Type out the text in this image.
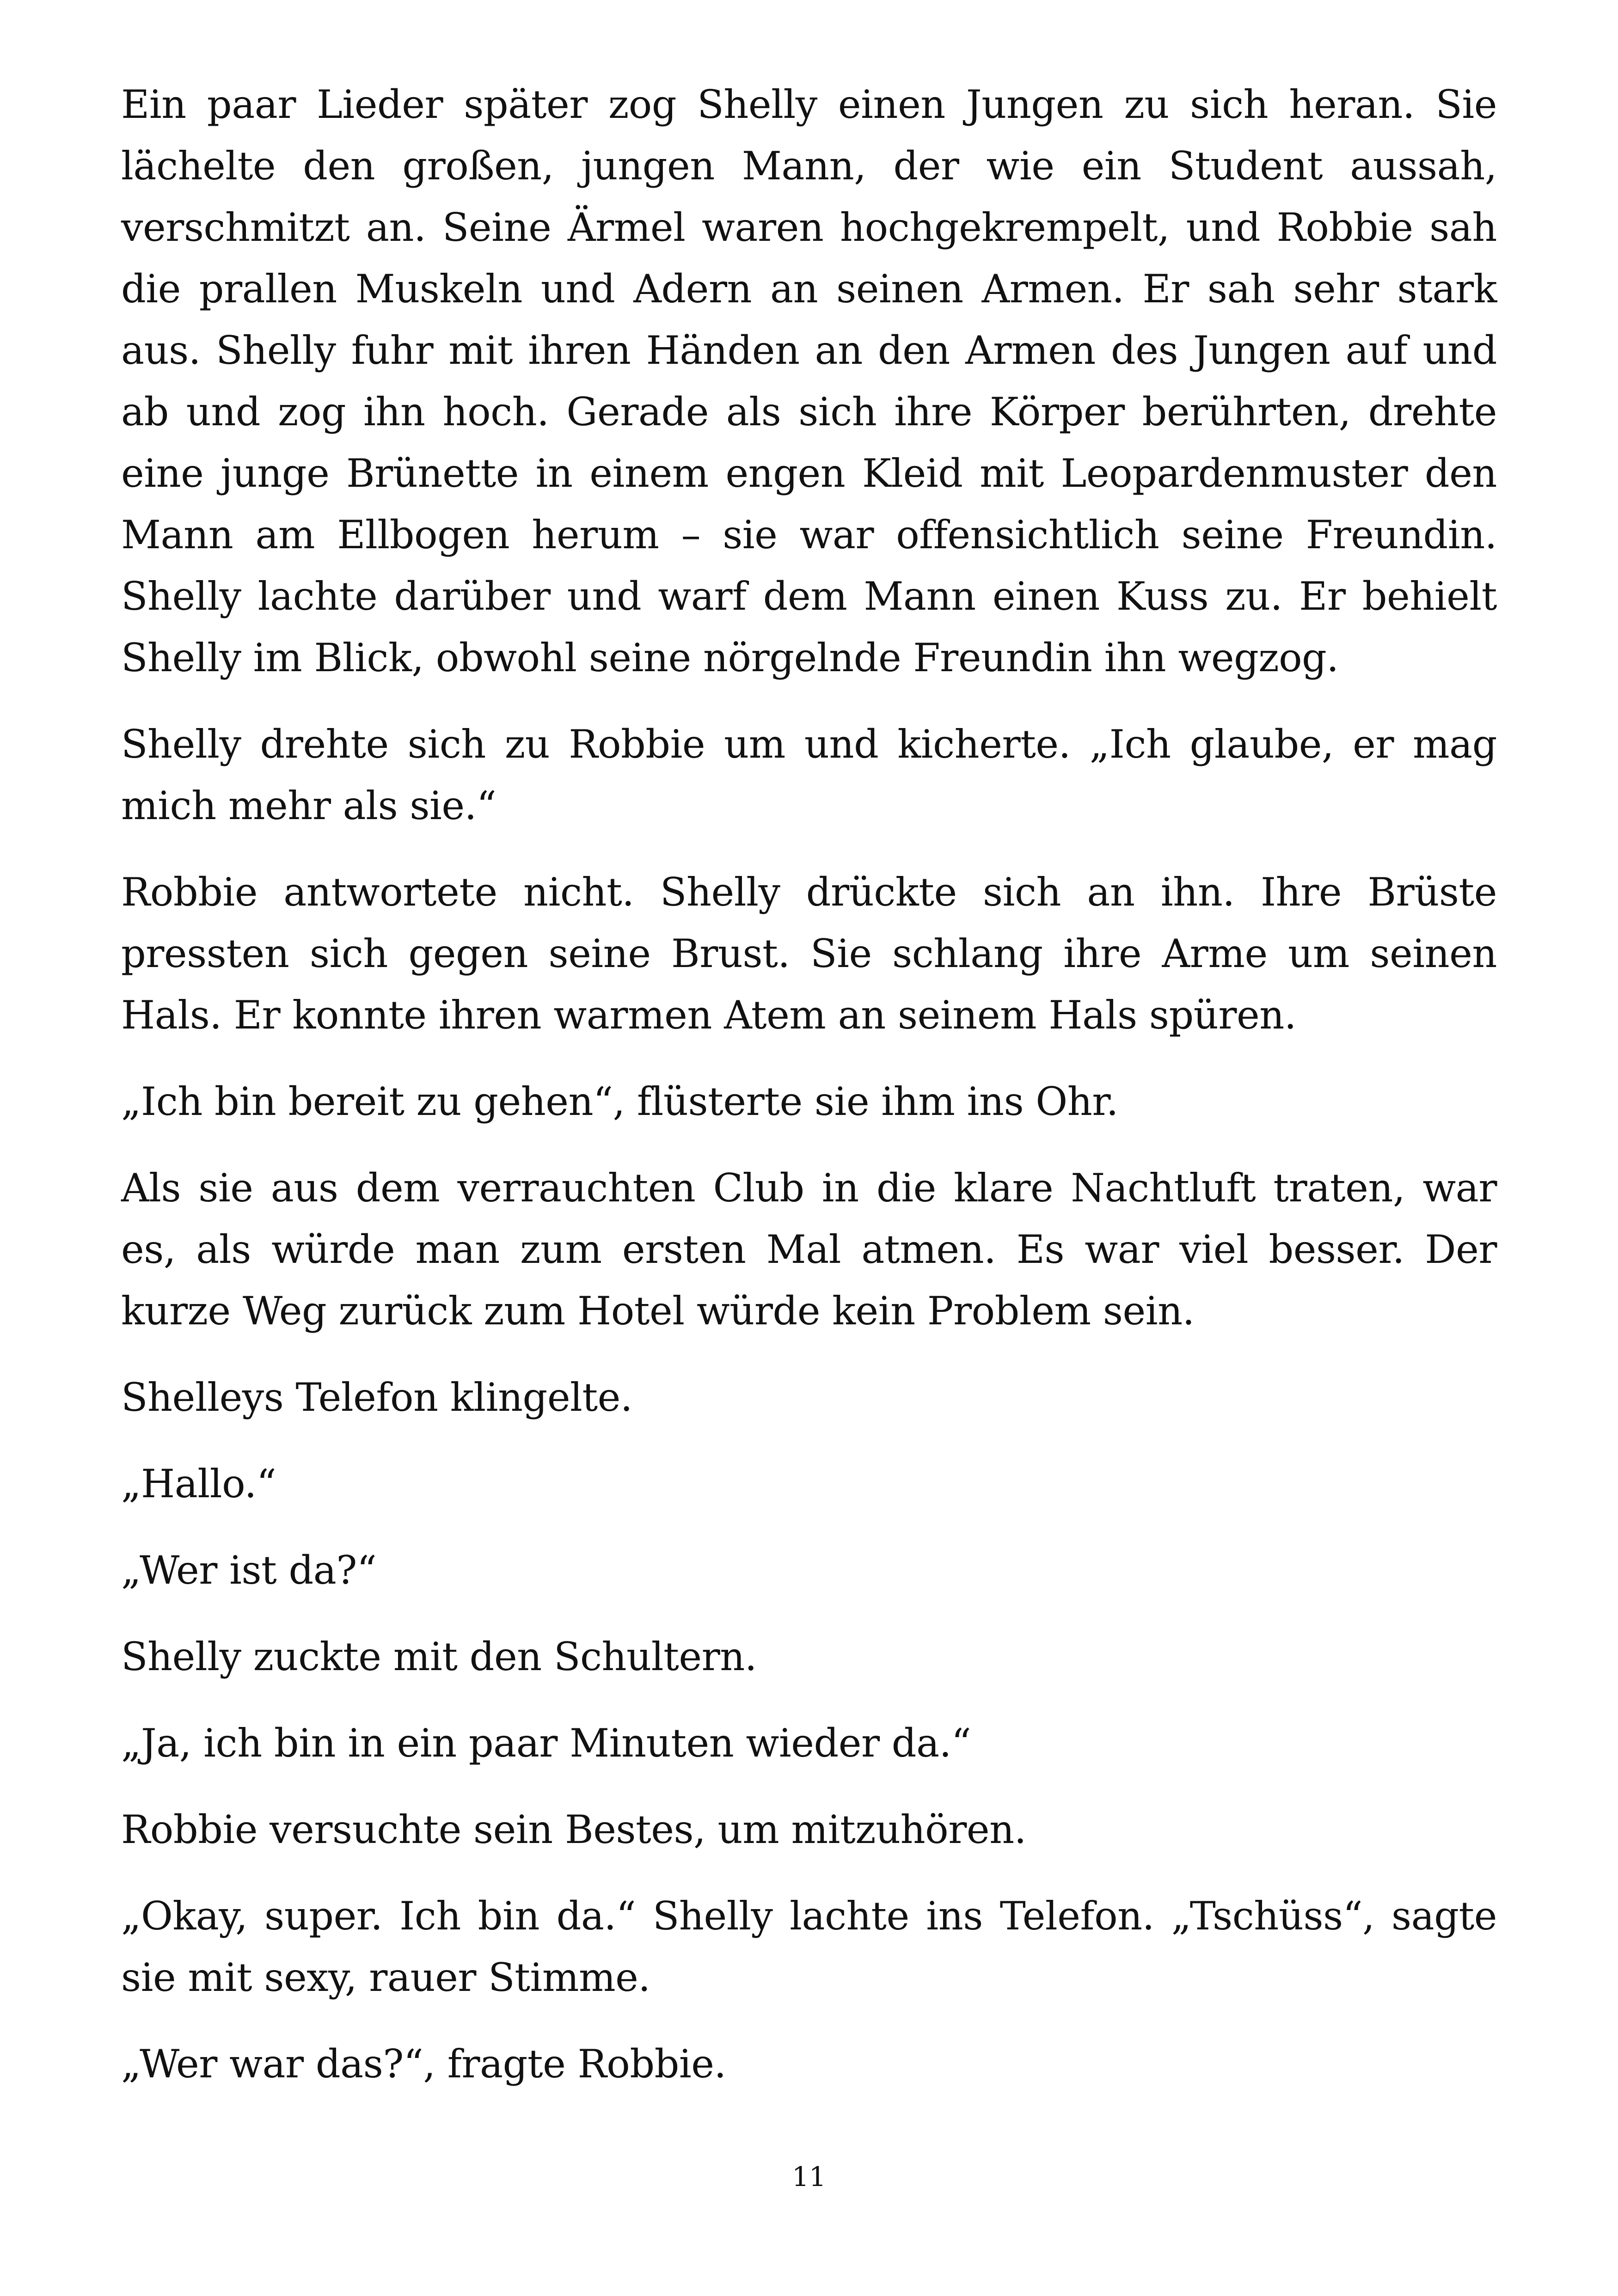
Ein paar Lieder später zog Shelly einen Jungen zu sich heran. Sie lächelte den großen, jungen Mann, der wie ein Student aussah, verschmitzt an. Seine Ärmel waren hochgekrempelt, und Robbie sah die prallen Muskeln und Adern an seinen Armen. Er sah sehr stark aus. Shelly fuhr mit ihren Händen an den Armen des Jungen auf und ab und zog ihn hoch. Gerade als sich ihre Körper berührten, drehte eine junge Brünette in einem engen Kleid mit Leopardenmuster den Mann am Ellbogen herum – sie war offensichtlich seine Freundin. Shelly lachte darüber und warf dem Mann einen Kuss zu. Er behielt Shelly im Blick, obwohl seine nörgelnde Freundin ihn wegzog.

Shelly drehte sich zu Robbie um und kicherte. „Ich glaube, er mag mich mehr als sie.“

Robbie antwortete nicht. Shelly drückte sich an ihn. Ihre Brüste pressten sich gegen seine Brust. Sie schlang ihre Arme um seinen Hals. Er konnte ihren warmen Atem an seinem Hals spüren.

„Ich bin bereit zu gehen“, flüsterte sie ihm ins Ohr.

Als sie aus dem verrauchten Club in die klare Nachtluft traten, war es, als würde man zum ersten Mal atmen. Es war viel besser. Der kurze Weg zurück zum Hotel würde kein Problem sein.

Shelleys Telefon klingelte.

„Hallo.“

„Wer ist da?“

Shelly zuckte mit den Schultern.

„Ja, ich bin in ein paar Minuten wieder da.“

Robbie versuchte sein Bestes, um mitzuhören.

„Okay, super. Ich bin da.“ Shelly lachte ins Telefon. „Tschüss“, sagte sie mit sexy, rauer Stimme.

„Wer war das?“, fragte Robbie.

11
